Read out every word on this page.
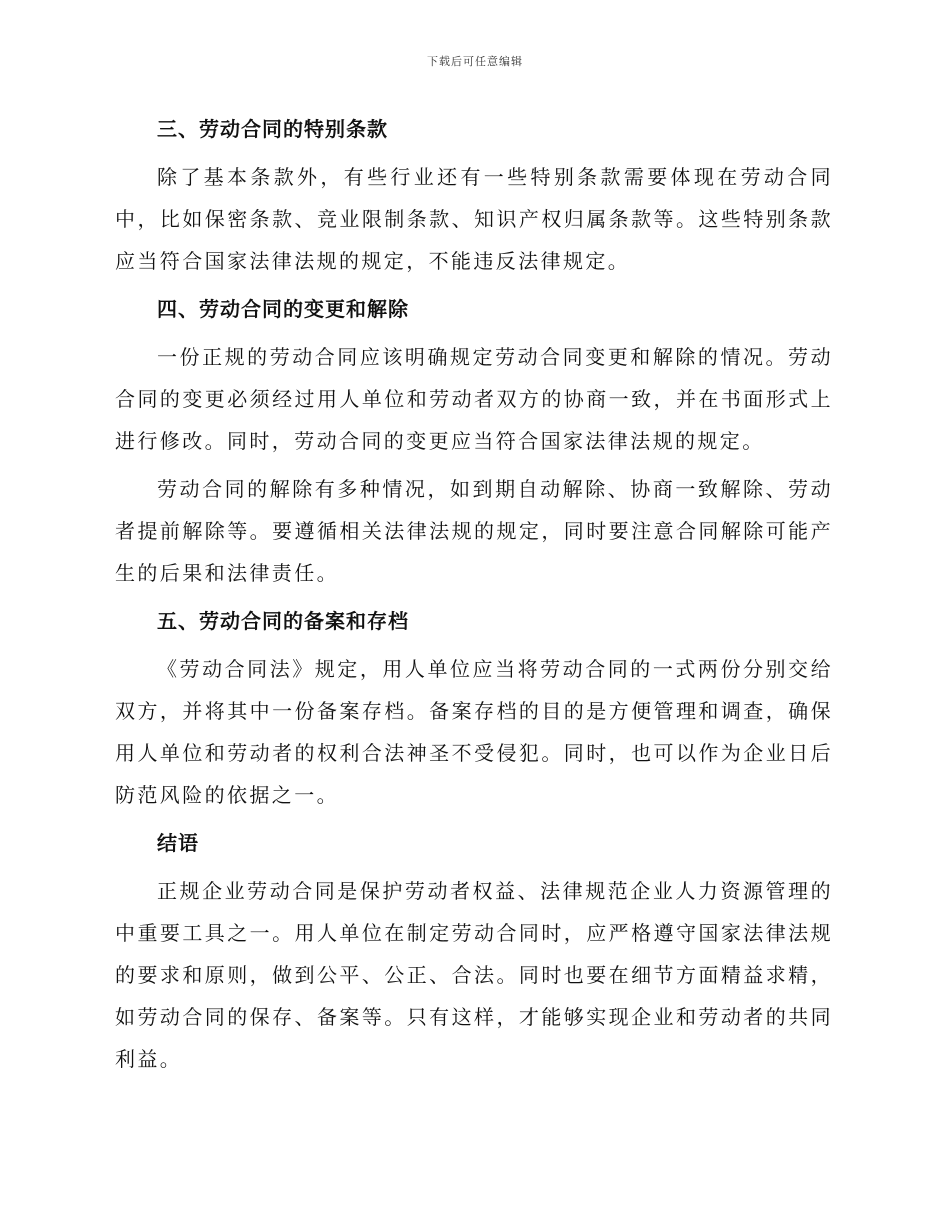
下载后可任意编辑
三、劳动合同的特别条款

除了基本条款外，有些行业还有一些特别条款需要体现在劳动合同中，比如保密条款、竞业限制条款、知识产权归属条款等。这些特别条款应当符合国家法律法规的规定，不能违反法律规定。

四、劳动合同的变更和解除

一份正规的劳动合同应该明确规定劳动合同变更和解除的情况。劳动合同的变更必须经过用人单位和劳动者双方的协商一致，并在书面形式上进行修改。同时，劳动合同的变更应当符合国家法律法规的规定。

劳动合同的解除有多种情况，如到期自动解除、协商一致解除、劳动者提前解除等。要遵循相关法律法规的规定，同时要注意合同解除可能产生的后果和法律责任。

五、劳动合同的备案和存档

《劳动合同法》规定，用人单位应当将劳动合同的一式两份分别交给双方，并将其中一份备案存档。备案存档的目的是方便管理和调查，确保用人单位和劳动者的权利合法神圣不受侵犯。同时，也可以作为企业日后防范风险的依据之一。

结语

正规企业劳动合同是保护劳动者权益、法律规范企业人力资源管理的中重要工具之一。用人单位在制定劳动合同时，应严格遵守国家法律法规的要求和原则，做到公平、公正、合法。同时也要在细节方面精益求精，如劳动合同的保存、备案等。只有这样，才能够实现企业和劳动者的共同利益。
